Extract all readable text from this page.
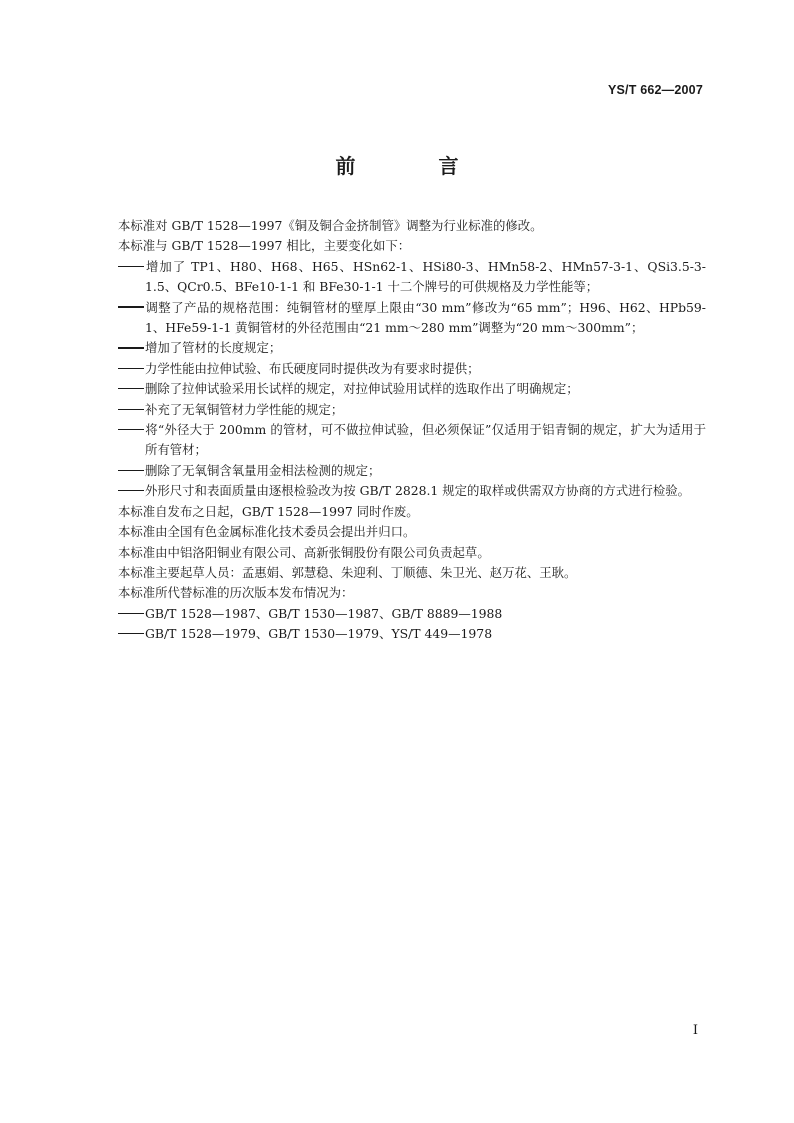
YS/T 662—2007
前 言

本标准对 GB/T 1528—1997《铜及铜合金挤制管》调整为行业标准的修改。

本标准与 GB/T 1528—1997 相比，主要变化如下：

增加了 TP1、H80、H68、H65、HSn62-1、HSi80-3、HMn58-2、HMn57-3-1、QSi3.5-3-1.5、QCr0.5、BFe10-1-1 和 BFe30-1-1 十二个牌号的可供规格及力学性能等；

调整了产品的规格范围：纯铜管材的壁厚上限由“30 mm”修改为“65 mm”；H96、H62、HPb59-1、HFe59-1-1 黄铜管材的外径范围由“21 mm～280 mm”调整为“20 mm～300mm”；

增加了管材的长度规定；

力学性能由拉伸试验、布氏硬度同时提供改为有要求时提供；

删除了拉伸试验采用长试样的规定，对拉伸试验用试样的选取作出了明确规定；

补充了无氧铜管材力学性能的规定；

将“外径大于 200mm 的管材，可不做拉伸试验，但必须保证”仅适用于铝青铜的规定，扩大为适用于所有管材；

删除了无氧铜含氧量用金相法检测的规定；

外形尺寸和表面质量由逐根检验改为按 GB/T 2828.1 规定的取样或供需双方协商的方式进行检验。

本标准自发布之日起，GB/T 1528—1997 同时作废。

本标准由全国有色金属标准化技术委员会提出并归口。

本标准由中铝洛阳铜业有限公司、高新张铜股份有限公司负责起草。

本标准主要起草人员：孟惠娟、郭慧稳、朱迎利、丁顺德、朱卫光、赵万花、王耿。

本标准所代替标准的历次版本发布情况为：

GB/T 1528—1987、GB/T 1530—1987、GB/T 8889—1988

GB/T 1528—1979、GB/T 1530—1979、YS/T 449—1978

I
